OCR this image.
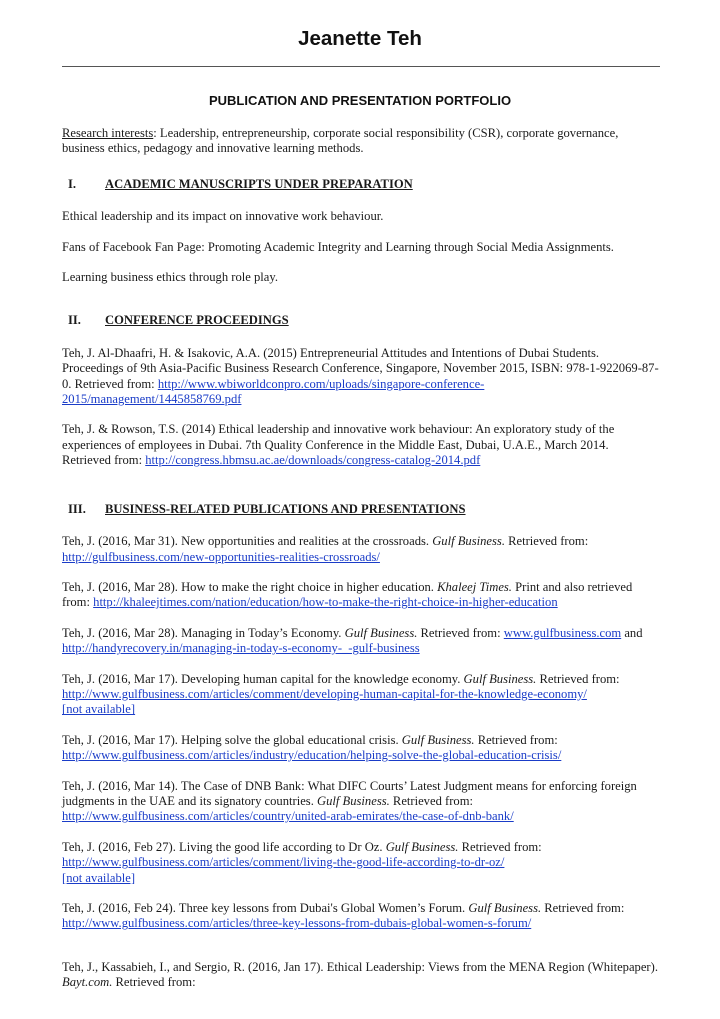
Jeanette Teh
PUBLICATION AND PRESENTATION PORTFOLIO

Research interests: Leadership, entrepreneurship, corporate social responsibility (CSR), corporate governance, business ethics, pedagogy and innovative learning methods.

I.	ACADEMIC MANUSCRIPTS UNDER PREPARATION

Ethical leadership and its impact on innovative work behaviour.

Fans of Facebook Fan Page: Promoting Academic Integrity and Learning through Social Media Assignments.

Learning business ethics through role play.

II.	CONFERENCE PROCEEDINGS

Teh, J. Al-Dhaafri, H. & Isakovic, A.A. (2015) Entrepreneurial Attitudes and Intentions of Dubai Students. Proceedings of 9th Asia-Pacific Business Research Conference, Singapore, November 2015, ISBN: 978-1-922069-87-0. Retrieved from: http://www.wbiworldconpro.com/uploads/singapore-conference-2015/management/1445858769.pdf

Teh, J. & Rowson, T.S. (2014) Ethical leadership and innovative work behaviour: An exploratory study of the experiences of employees in Dubai. 7th Quality Conference in the Middle East, Dubai, U.A.E., March 2014. Retrieved from: http://congress.hbmsu.ac.ae/downloads/congress-catalog-2014.pdf

III.	BUSINESS-RELATED PUBLICATIONS AND PRESENTATIONS

Teh, J. (2016, Mar 31). New opportunities and realities at the crossroads. Gulf Business. Retrieved from: http://gulfbusiness.com/new-opportunities-realities-crossroads/

Teh, J. (2016, Mar 28). How to make the right choice in higher education. Khaleej Times. Print and also retrieved from: http://khaleejtimes.com/nation/education/how-to-make-the-right-choice-in-higher-education

Teh, J. (2016, Mar 28). Managing in Today’s Economy. Gulf Business. Retrieved from: www.gulfbusiness.com and http://handyrecovery.in/managing-in-today-s-economy-_-gulf-business

Teh, J. (2016, Mar 17). Developing human capital for the knowledge economy. Gulf Business. Retrieved from: http://www.gulfbusiness.com/articles/comment/developing-human-capital-for-the-knowledge-economy/
[not available]

Teh, J. (2016, Mar 17). Helping solve the global educational crisis. Gulf Business. Retrieved from: http://www.gulfbusiness.com/articles/industry/education/helping-solve-the-global-education-crisis/

Teh, J. (2016, Mar 14). The Case of DNB Bank: What DIFC Courts’ Latest Judgment means for enforcing foreign judgments in the UAE and its signatory countries. Gulf Business. Retrieved from: http://www.gulfbusiness.com/articles/country/united-arab-emirates/the-case-of-dnb-bank/

Teh, J. (2016, Feb 27). Living the good life according to Dr Oz. Gulf Business. Retrieved from: http://www.gulfbusiness.com/articles/comment/living-the-good-life-according-to-dr-oz/
[not available]

Teh, J. (2016, Feb 24). Three key lessons from Dubai's Global Women’s Forum. Gulf Business. Retrieved from: http://www.gulfbusiness.com/articles/three-key-lessons-from-dubais-global-women-s-forum/

Teh, J., Kassabieh, I., and Sergio, R. (2016, Jan 17). Ethical Leadership: Views from the MENA Region (Whitepaper). Bayt.com. Retrieved from:
